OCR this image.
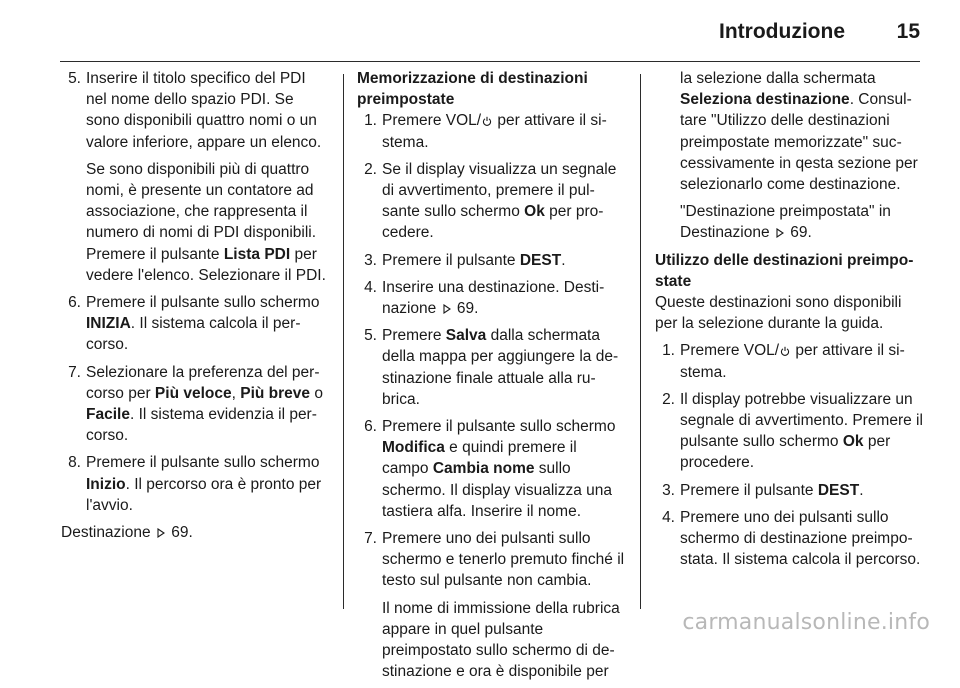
Introduzione 15
5. Inserire il titolo specifico del PDI nel nome dello spazio PDI. Se sono disponibili quattro nomi o un valore inferiore, appare un elenco.

Se sono disponibili più di quattro nomi, è presente un contatore ad associazione, che rappresenta il numero di nomi di PDI disponibili. Premere il pulsante Lista PDI per vedere l'elenco. Selezionare il PDI.

6. Premere il pulsante sullo schermo INIZIA. Il sistema calcola il percorso.
7. Selezionare la preferenza del percorso per Più veloce, Più breve o Facile. Il sistema evidenzia il percorso.
8. Premere il pulsante sullo schermo Inizio. Il percorso ora è pronto per l'avvio.

Destinazione  69.

Memorizzazione di destinazioni preimpostate

1. Premere VOL/ per attivare il sistema.
2. Se il display visualizza un segnale di avvertimento, premere il pulsante sullo schermo Ok per procedere.
3. Premere il pulsante DEST.
4. Inserire una destinazione. Destinazione  69.
5. Premere Salva dalla schermata della mappa per aggiungere la destinazione finale attuale alla rubrica.
6. Premere il pulsante sullo schermo Modifica e quindi premere il campo Cambia nome sullo schermo. Il display visualizza una tastiera alfa. Inserire il nome.
7. Premere uno dei pulsanti sullo schermo e tenerlo premuto finché il testo sul pulsante non cambia.

Il nome di immissione della rubrica appare in quel pulsante preimpostato sullo schermo di destinazione e ora è disponibile per

la selezione dalla schermata Seleziona destinazione. Consultare "Utilizzo delle destinazioni preimpostate memorizzate" successivamente in qesta sezione per selezionarlo come destinazione.

"Destinazione preimpostata" in Destinazione  69.

Utilizzo delle destinazioni preimpostate

Queste destinazioni sono disponibili per la selezione durante la guida.

1. Premere VOL/ per attivare il sistema.
2. Il display potrebbe visualizzare un segnale di avvertimento. Premere il pulsante sullo schermo Ok per procedere.
3. Premere il pulsante DEST.
4. Premere uno dei pulsanti sullo schermo di destinazione preimpostata. Il sistema calcola il percorso.
carmanualsonline.info
